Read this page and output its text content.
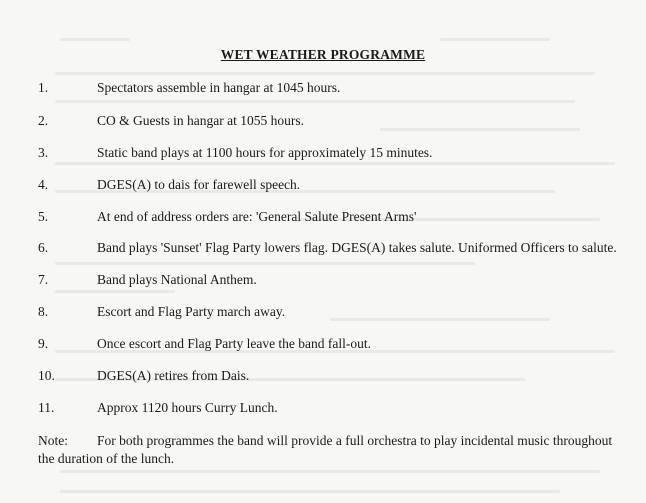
WET WEATHER PROGRAMME
1.	Spectators assemble in hangar at 1045 hours.
2.	CO & Guests in hangar at 1055 hours.
3.	Static band plays at 1100 hours for approximately 15 minutes.
4.	DGES(A) to dais for farewell speech.
5.	At end of address orders are: 'General Salute Present Arms'
6.	Band plays 'Sunset' Flag Party lowers flag. DGES(A) takes salute. Uniformed Officers to salute.
7.	Band plays National Anthem.
8.	Escort and Flag Party march away.
9.	Once escort and Flag Party leave the band fall-out.
10.	DGES(A) retires from Dais.
11.	Approx 1120 hours Curry Lunch.
Note: For both programmes the band will provide a full orchestra to play incidental music throughout
the duration of the lunch.
